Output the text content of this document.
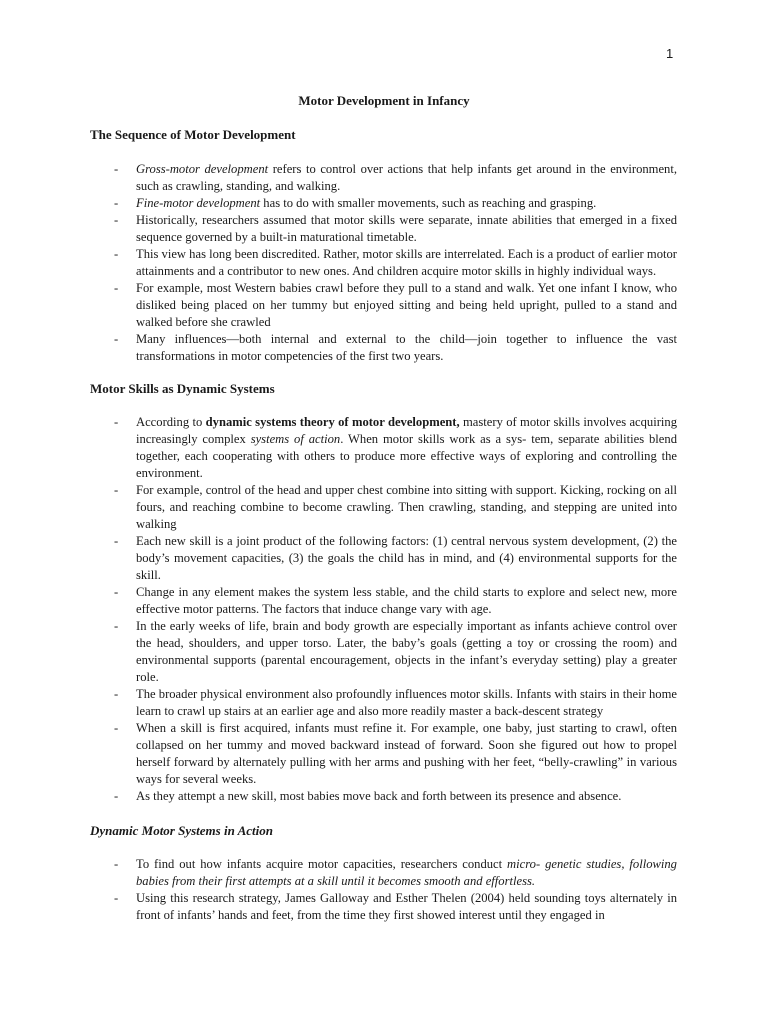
1
Motor Development in Infancy
The Sequence of Motor Development
- Gross-motor development refers to control over actions that help infants get around in the environment, such as crawling, standing, and walking.
- Fine-motor development has to do with smaller movements, such as reaching and grasping.
- Historically, researchers assumed that motor skills were separate, innate abilities that emerged in a fixed sequence governed by a built-in maturational timetable.
- This view has long been discredited. Rather, motor skills are interrelated. Each is a product of earlier motor attainments and a contributor to new ones. And children acquire motor skills in highly individual ways.
- For example, most Western babies crawl before they pull to a stand and walk. Yet one infant I know, who disliked being placed on her tummy but enjoyed sitting and being held upright, pulled to a stand and walked before she crawled
- Many influences—both internal and external to the child—join together to influence the vast transformations in motor competencies of the first two years.
Motor Skills as Dynamic Systems
- According to dynamic systems theory of motor development, mastery of motor skills involves acquiring increasingly complex systems of action. When motor skills work as a sys- tem, separate abilities blend together, each cooperating with others to produce more effective ways of exploring and controlling the environment.
- For example, control of the head and upper chest combine into sitting with support. Kicking, rocking on all fours, and reaching combine to become crawling. Then crawling, standing, and stepping are united into walking
- Each new skill is a joint product of the following factors: (1) central nervous system development, (2) the body’s movement capacities, (3) the goals the child has in mind, and (4) environmental supports for the skill.
- Change in any element makes the system less stable, and the child starts to explore and select new, more effective motor patterns. The factors that induce change vary with age.
- In the early weeks of life, brain and body growth are especially important as infants achieve control over the head, shoulders, and upper torso. Later, the baby’s goals (getting a toy or crossing the room) and environmental supports (parental encouragement, objects in the infant’s everyday setting) play a greater role.
- The broader physical environment also profoundly influences motor skills. Infants with stairs in their home learn to crawl up stairs at an earlier age and also more readily master a back-descent strategy
- When a skill is first acquired, infants must refine it. For example, one baby, just starting to crawl, often collapsed on her tummy and moved backward instead of forward. Soon she figured out how to propel herself forward by alternately pulling with her arms and pushing with her feet, “belly-crawling” in various ways for several weeks.
- As they attempt a new skill, most babies move back and forth between its presence and absence.
Dynamic Motor Systems in Action
- To find out how infants acquire motor capacities, researchers conduct micro- genetic studies, following babies from their first attempts at a skill until it becomes smooth and effortless.
- Using this research strategy, James Galloway and Esther Thelen (2004) held sounding toys alternately in front of infants’ hands and feet, from the time they first showed interest until they engaged in
